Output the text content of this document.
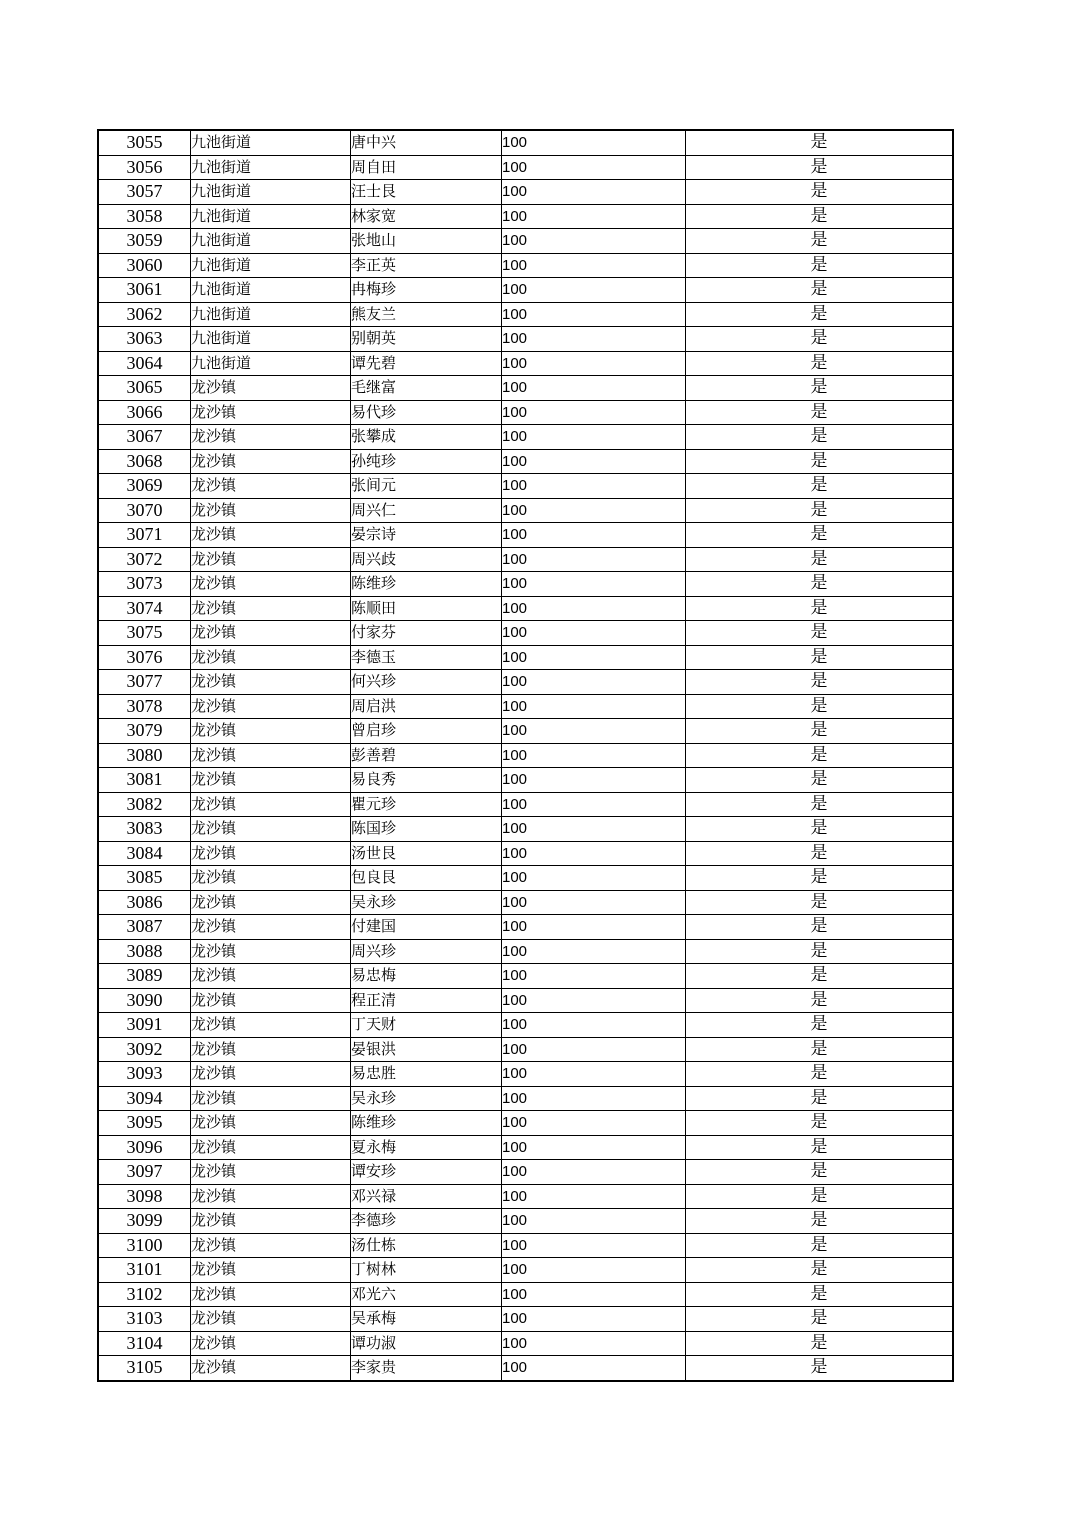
3055	九池街道	唐中兴	100	是
3056	九池街道	周自田	100	是
3057	九池街道	汪士艮	100	是
3058	九池街道	林家宽	100	是
3059	九池街道	张地山	100	是
3060	九池街道	李正英	100	是
3061	九池街道	冉梅珍	100	是
3062	九池街道	熊友兰	100	是
3063	九池街道	别朝英	100	是
3064	九池街道	谭先碧	100	是
3065	龙沙镇	毛继富	100	是
3066	龙沙镇	易代珍	100	是
3067	龙沙镇	张攀成	100	是
3068	龙沙镇	孙纯珍	100	是
3069	龙沙镇	张间元	100	是
3070	龙沙镇	周兴仁	100	是
3071	龙沙镇	晏宗诗	100	是
3072	龙沙镇	周兴歧	100	是
3073	龙沙镇	陈维珍	100	是
3074	龙沙镇	陈顺田	100	是
3075	龙沙镇	付家芬	100	是
3076	龙沙镇	李德玉	100	是
3077	龙沙镇	何兴珍	100	是
3078	龙沙镇	周启洪	100	是
3079	龙沙镇	曾启珍	100	是
3080	龙沙镇	彭善碧	100	是
3081	龙沙镇	易良秀	100	是
3082	龙沙镇	瞿元珍	100	是
3083	龙沙镇	陈国珍	100	是
3084	龙沙镇	汤世艮	100	是
3085	龙沙镇	包良艮	100	是
3086	龙沙镇	吴永珍	100	是
3087	龙沙镇	付建国	100	是
3088	龙沙镇	周兴珍	100	是
3089	龙沙镇	易忠梅	100	是
3090	龙沙镇	程正清	100	是
3091	龙沙镇	丁天财	100	是
3092	龙沙镇	晏银洪	100	是
3093	龙沙镇	易忠胜	100	是
3094	龙沙镇	吴永珍	100	是
3095	龙沙镇	陈维珍	100	是
3096	龙沙镇	夏永梅	100	是
3097	龙沙镇	谭安珍	100	是
3098	龙沙镇	邓兴禄	100	是
3099	龙沙镇	李德珍	100	是
3100	龙沙镇	汤仕栋	100	是
3101	龙沙镇	丁树林	100	是
3102	龙沙镇	邓光六	100	是
3103	龙沙镇	吴承梅	100	是
3104	龙沙镇	谭功淑	100	是
3105	龙沙镇	李家贵	100	是
